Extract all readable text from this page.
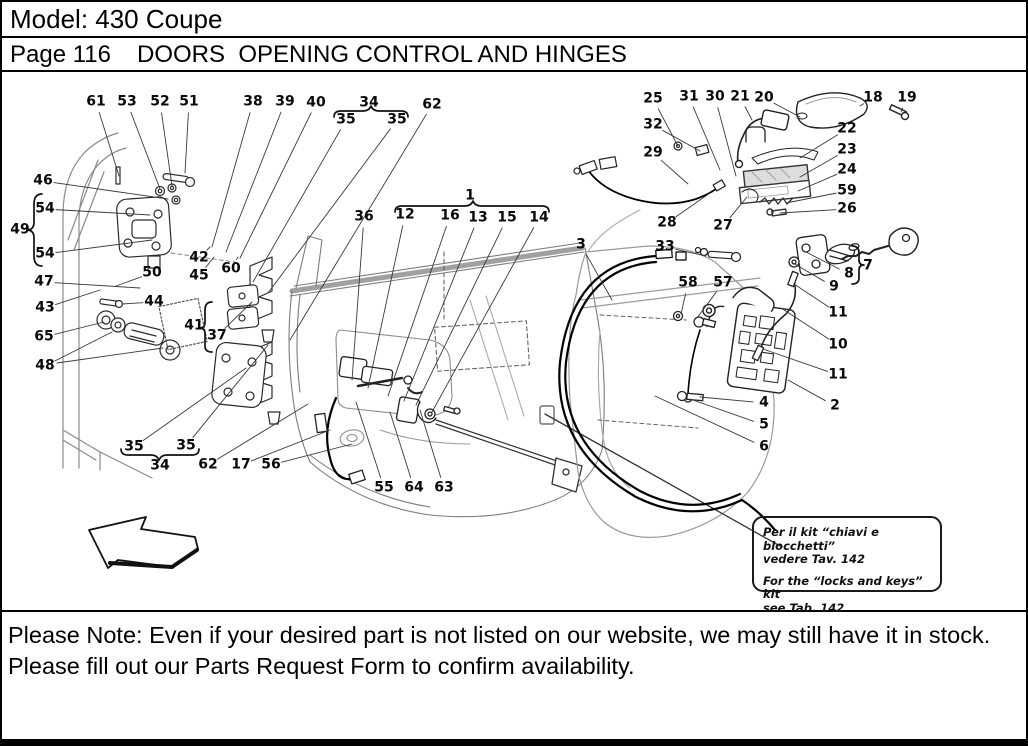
Model: 430 Coupe
Page 116 DOORS  OPENING CONTROL AND HINGES
Per il kit “chiavi e blocchetti”
vedere Tav. 142
For the “locks and keys” kit
see Tab. 142
61 53 52 51	38 39 40 34
35 35
62
46
54
49
54
47
43
65
48
50
44
42
45 60
41
37
35 35
34 62 17 56
55 64 63
36 12
1
16 13 15 14
25 31 30 21 20	18 19
32
29
22
23
24
59
26
28	27
7
8
9
11
10
11
2
3	33
58 57
4
5
6
Please Note: Even if your desired part is not listed on our website, we may still have it in stock.
Please fill out our Parts Request Form to confirm availability.
